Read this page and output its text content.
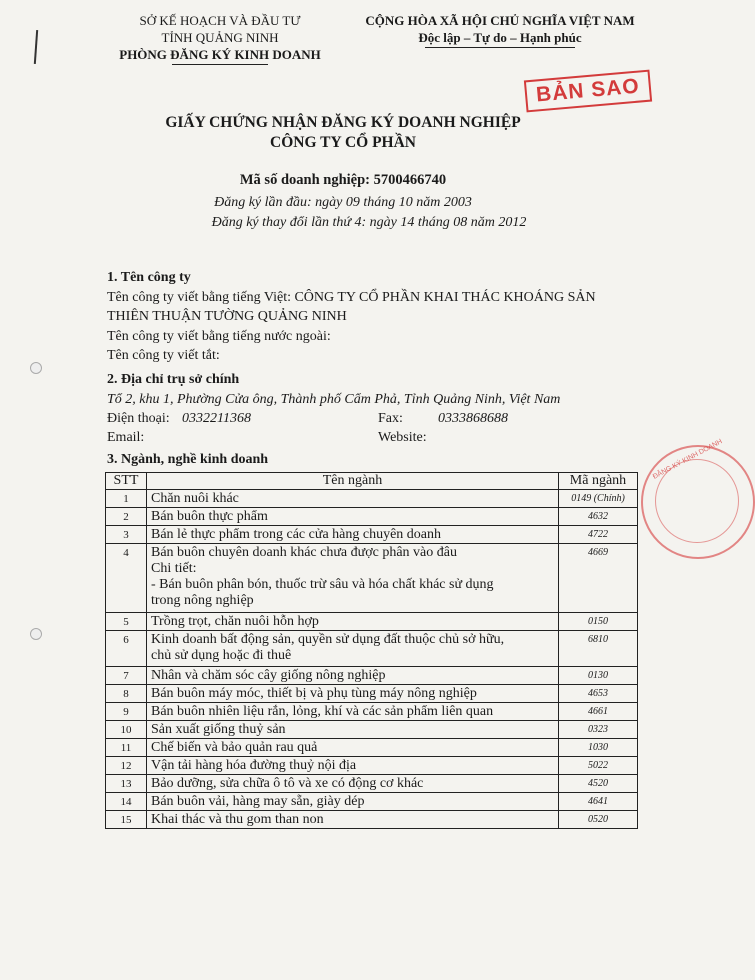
SỞ KẾ HOẠCH VÀ ĐẦU TƯ
TỈNH QUẢNG NINH
PHÒNG ĐĂNG KÝ KINH DOANH
CỘNG HÒA XÃ HỘI CHỦ NGHĨA VIỆT NAM
Độc lập – Tự do – Hạnh phúc
BẢN SAO
ĐĂNG KÝ KINH DOANH
GIẤY CHỨNG NHẬN ĐĂNG KÝ DOANH NGHIỆP
CÔNG TY CỔ PHẦN
Mã số doanh nghiệp: 5700466740
Đăng ký lần đầu: ngày 09 tháng 10 năm 2003
Đăng ký thay đổi lần thứ 4: ngày 14 tháng 08 năm 2012
1. Tên công ty
Tên công ty viết bằng tiếng Việt: CÔNG TY CỔ PHẦN KHAI THÁC KHOÁNG SẢN
THIÊN THUẬN TƯỜNG QUẢNG NINH
Tên công ty viết bằng tiếng nước ngoài:
Tên công ty viết tắt:
2. Địa chỉ trụ sở chính
Tổ 2, khu 1, Phường Cửa ông, Thành phố Cẩm Phả, Tỉnh Quảng Ninh, Việt Nam
Điện thoại: 0332211368	Fax:	0333868688
Email:	Website:
3. Ngành, nghề kinh doanh
STT	Tên ngành	Mã ngành
1	Chăn nuôi khác	0149 (Chính)
2	Bán buôn thực phẩm	4632
3	Bán lẻ thực phẩm trong các cửa hàng chuyên doanh	4722
4	Bán buôn chuyên doanh khác chưa được phân vào đâu
Chi tiết:
- Bán buôn phân bón, thuốc trừ sâu và hóa chất khác sử dụng
trong nông nghiệp	4669
5	Trồng trọt, chăn nuôi hỗn hợp	0150
6	Kinh doanh bất động sản, quyền sử dụng đất thuộc chủ sở hữu,
chủ sử dụng hoặc đi thuê	6810
7	Nhân và chăm sóc cây giống nông nghiệp	0130
8	Bán buôn máy móc, thiết bị và phụ tùng máy nông nghiệp	4653
9	Bán buôn nhiên liệu rắn, lỏng, khí và các sản phẩm liên quan	4661
10	Sản xuất giống thuỷ sản	0323
11	Chế biến và bảo quản rau quả	1030
12	Vận tải hàng hóa đường thuỷ nội địa	5022
13	Bảo dưỡng, sửa chữa ô tô và xe có động cơ khác	4520
14	Bán buôn vải, hàng may sẵn, giày dép	4641
15	Khai thác và thu gom than non	0520
